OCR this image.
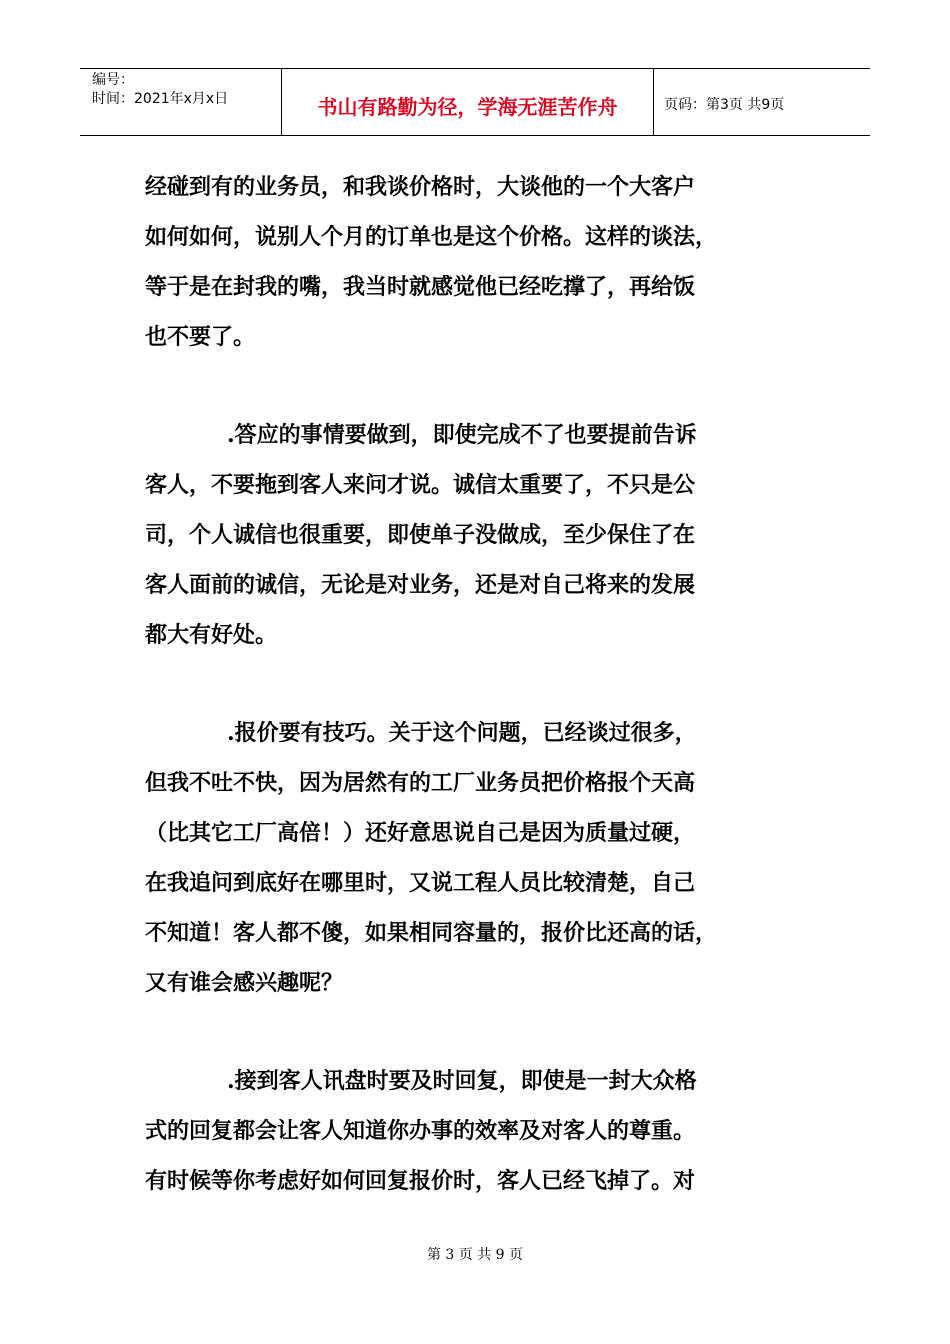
编号：
时间：2021年x月x日	书山有路勤为径，学海无涯苦作舟	页码：第3页 共9页
经碰到有的业务员，和我谈价格时，大谈他的一个大客户
如何如何，说别人个月的订单也是这个价格。这样的谈法，
等于是在封我的嘴，我当时就感觉他已经吃撑了，再给饭
也不要了。
.答应的事情要做到，即使完成不了也要提前告诉
客人，不要拖到客人来问才说。诚信太重要了，不只是公
司，个人诚信也很重要，即使单子没做成，至少保住了在
客人面前的诚信，无论是对业务，还是对自己将来的发展
都大有好处。
.报价要有技巧。关于这个问题，已经谈过很多，
但我不吐不快，因为居然有的工厂业务员把价格报个天高
（比其它工厂高倍！）还好意思说自己是因为质量过硬，
在我追问到底好在哪里时，又说工程人员比较清楚，自己
不知道！客人都不傻，如果相同容量的，报价比还高的话，
又有谁会感兴趣呢？
.接到客人讯盘时要及时回复，即使是一封大众格
式的回复都会让客人知道你办事的效率及对客人的尊重。
有时候等你考虑好如何回复报价时，客人已经飞掉了。对
第 3 页 共 9 页
